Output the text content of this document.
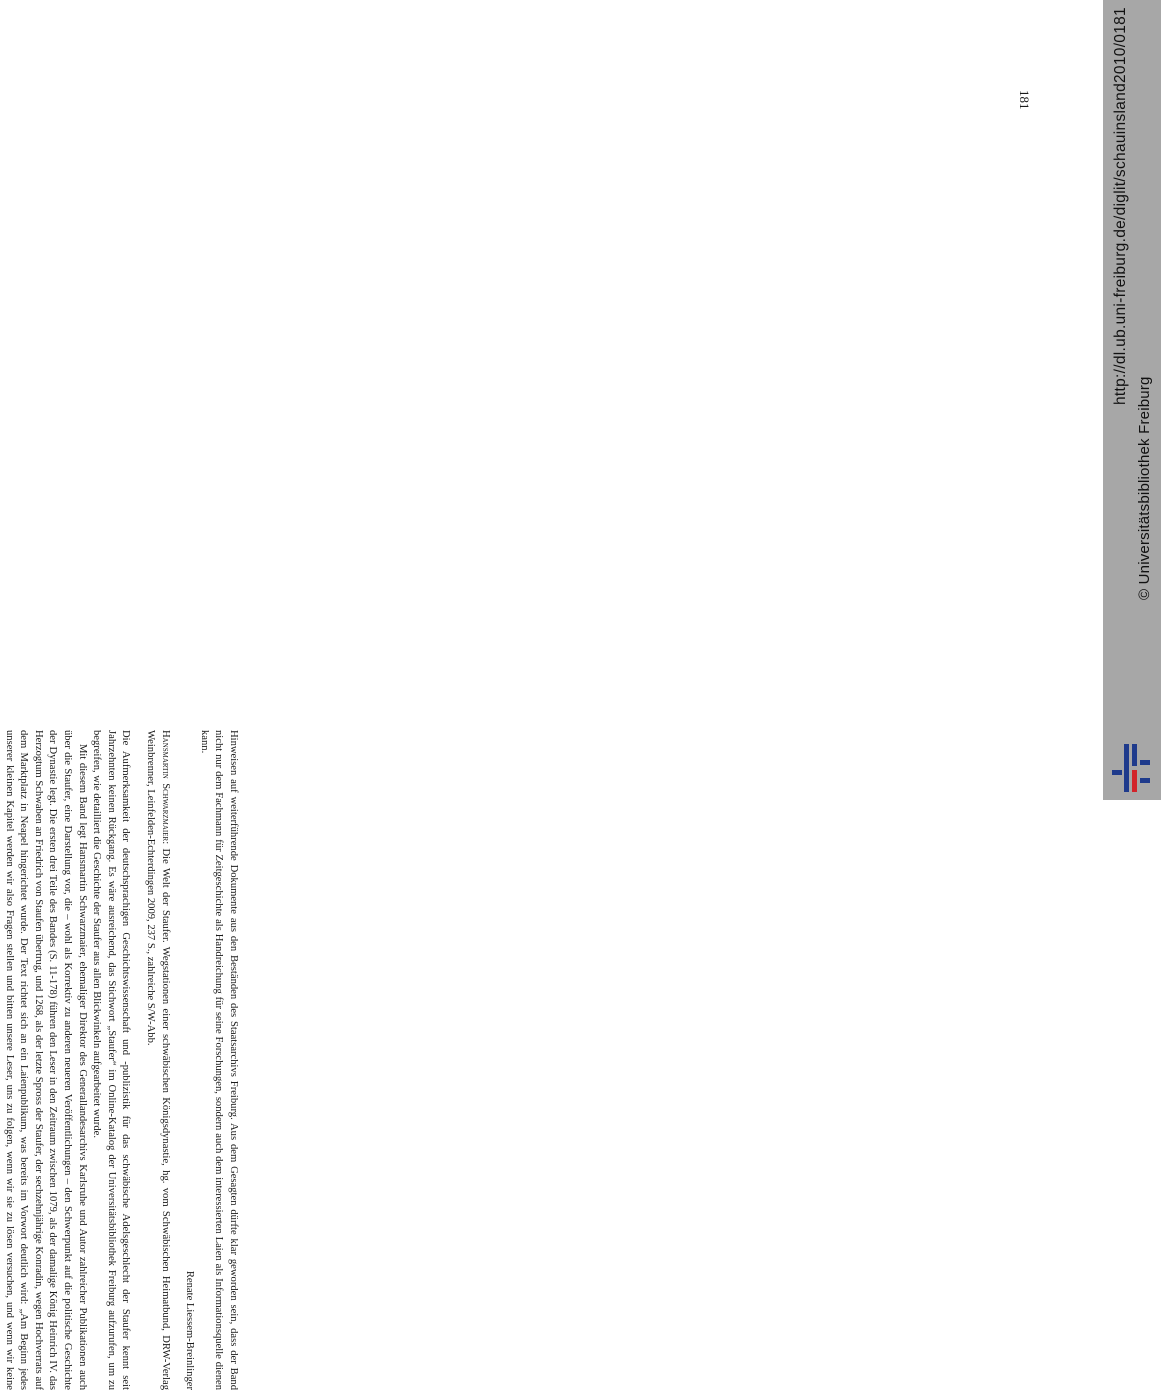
Hinweisen auf weiterführende Dokumente aus den Beständen des Staatsarchivs Freiburg. Aus dem Gesagten dürfte klar geworden sein, dass der Band nicht nur dem Fachmann für Zeitgeschichte als Handreichung für seine Forschungen, sondern auch dem interessierten Laien als Informationsquelle dienen kann.

Renate Liessem-Breinlinger

Hansmartin Schwarzmaier: Die Welt der Staufer. Wegstationen einer schwäbischen Königsdynastie, hg. vom Schwäbischen Heimatbund, DRW-Verlag Weinbrenner, Leinfelden-Echterdingen 2009, 237 S., zahlreiche S/W-Abb.

Die Aufmerksamkeit der deutschsprachigen Geschichtswissenschaft und -publizistik für das schwäbische Adelsgeschlecht der Staufer kennt seit Jahrzehnten keinen Rückgang. Es wäre ausreichend, das Stichwort „Staufer“ im Online-Katalog der Universitätsbibliothek Freiburg aufzurufen, um zu begreifen, wie detailliert die Geschichte der Staufer aus allen Blickwinkeln aufgearbeitet wurde.

Mit diesem Band legt Hansmartin Schwarzmaier, ehemaliger Direktor des Generallandesarchivs Karlsruhe und Autor zahlreicher Publikationen auch über die Staufer, eine Darstellung vor, die – wohl als Korrektiv zu anderen neueren Veröffentlichungen – den Schwerpunkt auf die politische Geschichte der Dynastie legt. Die ersten drei Teile des Bandes (S. 11-178) führen den Leser in den Zeitraum zwischen 1079, als der damalige König Heinrich IV. das Herzogtum Schwaben an Friedrich von Staufen übertrug, und 1268, als der letzte Spross der Staufer, der sechzehnjährige Konradin, wegen Hochverrats auf dem Marktplatz in Neapel hingerichtet wurde. Der Text richtet sich an ein Laienpublikum, was bereits im Vorwort deutlich wird: „Am Beginn jedes unserer kleinen Kapitel werden wir also Fragen stellen und bitten unsere Leser, uns zu folgen, wenn wir sie zu lösen versuchen, und wenn wir keine

181	http://dl.ub.uni-freiburg.de/diglit/schauinsland2010/0181
© Universitätsbibliothek Freiburg
